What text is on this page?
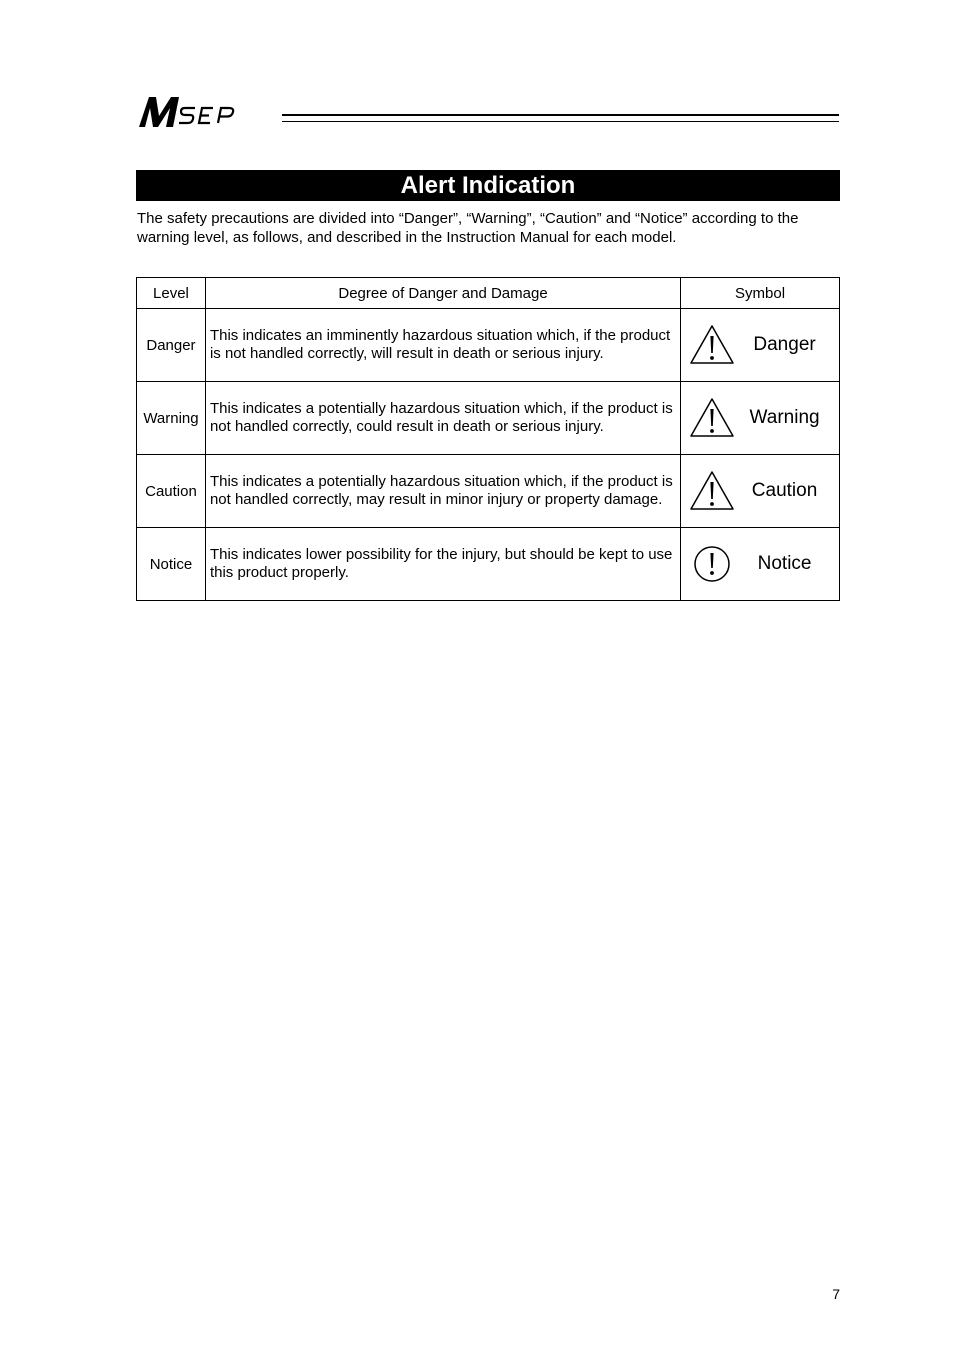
Alert Indication
The safety precautions are divided into “Danger”, “Warning”, “Caution” and “Notice” according to the warning level, as follows, and described in the Instruction Manual for each model.
Level	Degree of Danger and Damage	Symbol
Danger	This indicates an imminently hazardous situation which, if the product is not handled correctly, will result in death or serious injury.	Danger

Warning	This indicates a potentially hazardous situation which, if the product is not handled correctly, could result in death or serious injury.	Warning

Caution	This indicates a potentially hazardous situation which, if the product is not handled correctly, may result in minor injury or property damage.	Caution

Notice	This indicates lower possibility for the injury, but should be kept to use this product properly.	Notice
7
